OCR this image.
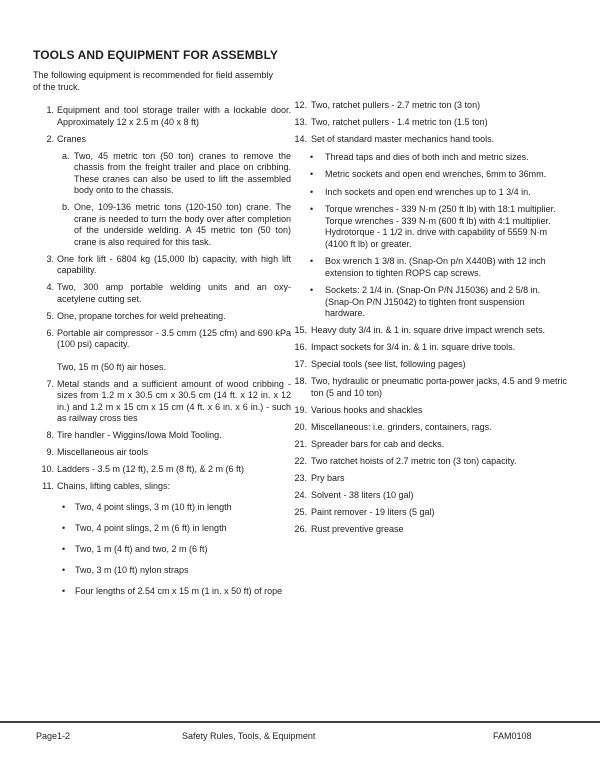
TOOLS AND EQUIPMENT FOR ASSEMBLY

The following equipment is recommended for field assembly of the truck.

1. Equipment and tool storage trailer with a lockable door. Approximately 12 x 2.5 m (40 x 8 ft)
2. Cranes
a. Two, 45 metric ton (50 ton) cranes to remove the chassis from the freight trailer and place on cribbing. These cranes can also be used to lift the assembled body onto to the chassis.
b. One, 109-136 metric tons (120-150 ton) crane. The crane is needed to turn the body over after completion of the underside welding. A 45 metric ton (50 ton) crane is also required for this task.
3. One fork lift - 6804 kg (15,000 lb) capacity, with high lift capability.
4. Two, 300 amp portable welding units and an oxy-acetylene cutting set.
5. One, propane torches for weld preheating.
6. Portable air compressor - 3.5 cmm (125 cfm) and 690 kPa (100 psi) capacity.
Two, 15 m (50 ft) air hoses.
7. Metal stands and a sufficient amount of wood cribbing - sizes from 1.2 m x 30.5 cm x 30.5 cm (14 ft. x 12 in. x 12 in.) and 1.2 m x 15 cm x 15 cm (4 ft. x 6 in. x 6 in.) - such as railway cross ties
8. Tire handler - Wiggins/Iowa Mold Tooling.
9. Miscellaneous air tools
10. Ladders - 3.5 m (12 ft), 2.5 m (8 ft), & 2 m (6 ft)
11. Chains, lifting cables, slings:
•	Two, 4 point slings, 3 m (10 ft) in length
•	Two, 4 point slings, 2 m (6 ft) in length
•	Two, 1 m (4 ft) and two, 2 m (6 ft)
•	Two, 3 m (10 ft) nylon straps
•	Four lengths of 2.54 cm x 15 m (1 in. x 50 ft) of rope
12. Two, ratchet pullers - 2.7 metric ton (3 ton)
13. Two, ratchet pullers - 1.4 metric ton (1.5 ton)
14. Set of standard master mechanics hand tools.
•	Thread taps and dies of both inch and metric sizes.
•	Metric sockets and open end wrenches, 6mm to 36mm.
•	Inch sockets and open end wrenches up to 1 3/4 in.
•	Torque wrenches - 339 N·m (250 ft lb) with 18:1 multiplier. Torque wrenches - 339 N·m (600 ft lb) with 4:1 multiplier. Hydrotorque - 1 1/2 in. drive with capability of 5559 N·m (4100 ft lb) or greater.
•	Box wrench 1 3/8 in. (Snap-On p/n X440B) with 12 inch extension to tighten ROPS cap screws.
•	Sockets: 2 1/4 in. (Snap-On P/N J15036) and 2 5/8 in. (Snap-On P/N J15042) to tighten front suspension hardware.
15. Heavy duty 3/4 in. & 1 in. square drive impact wrench sets.
16. Impact sockets for 3/4 in. & 1 in. square drive tools.
17. Special tools (see list, following pages)
18. Two, hydraulic or pneumatic porta-power jacks, 4.5 and 9 metric ton (5 and 10 ton)
19. Various hooks and shackles
20. Miscellaneous: i.e. grinders, containers, rags.
21. Spreader bars for cab and decks.
22. Two ratchet hoists of 2.7 metric ton (3 ton) capacity.
23. Pry bars
24. Solvent - 38 liters (10 gal)
25. Paint remover - 19 liters (5 gal)
26. Rust preventive grease
Page1-2	Safety Rules, Tools, & Equipment	FAM0108
